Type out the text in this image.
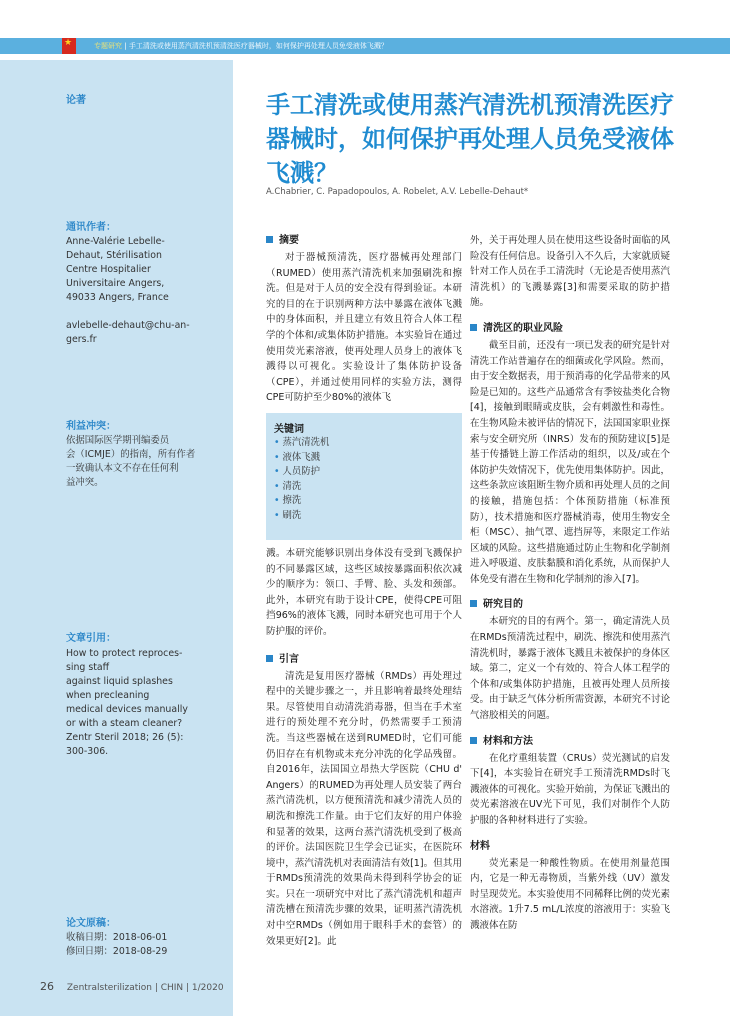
★	专题研究 | 手工清洗或使用蒸汽清洗机预清洗医疗器械时，如何保护再处理人员免受液体飞溅？
论著
通讯作者：
Anne-Valérie Lebelle-
Dehaut, Stérilisation
Centre Hospitalier
Universitaire Angers,
49033 Angers, France

avlebelle-dehaut@chu-an-
gers.fr
利益冲突：
依据国际医学期刊编委员
会（ICMJE）的指南，所有作者
一致确认本文不存在任何利
益冲突。
文章引用：
How to protect reproces-
sing staff
against liquid splashes
when precleaning
medical devices manually
or with a steam cleaner?
Zentr Steril 2018; 26 (5):
300-306.
论文原稿：
收稿日期：2018-06-01
修回日期：2018-08-29
手工清洗或使用蒸汽清洗机预清洗医疗器械时，如何保护再处理人员免受液体飞溅？
A.Chabrier, C. Papadopoulos, A. Robelet, A.V. Lebelle-Dehaut*
摘要

对于器械预清洗，医疗器械再处理部门（RUMED）使用蒸汽清洗机来加强刷洗和擦洗。但是对于人员的安全没有得到验证。本研究的目的在于识别两种方法中暴露在液体飞溅中的身体面积，并且建立有效且符合人体工程学的个体和/或集体防护措施。本实验旨在通过使用荧光素溶液，使再处理人员身上的液体飞溅得以可视化。实验设计了集体防护设备（CPE），并通过使用同样的实验方法，测得CPE可防护至少80%的液体飞

关键词
• 蒸汽清洗机
• 液体飞溅
• 人员防护
• 清洗
• 擦洗
• 刷洗

溅。本研究能够识别出身体没有受到飞溅保护的不同暴露区域，这些区域按暴露面积依次减少的顺序为：领口、手臂、脸、头发和颈部。此外，本研究有助于设计CPE，使得CPE可阻挡96%的液体飞溅，同时本研究也可用于个人防护服的评价。

引言

清洗是复用医疗器械（RMDs）再处理过程中的关键步骤之一，并且影响着最终处理结果。尽管使用自动清洗消毒器，但当在手术室进行的预处理不充分时，仍然需要手工预清洗。当这些器械在送到RUMED时，它们可能仍旧存在有机物或未充分冲洗的化学品残留。自2016年，法国国立昂热大学医院（CHU d' Angers）的RUMED为再处理人员安装了两台蒸汽清洗机，以方便预清洗和减少清洗人员的刷洗和擦洗工作量。由于它们友好的用户体验和显著的效果，这两台蒸汽清洗机受到了极高的评价。法国医院卫生学会已证实，在医院环境中，蒸汽清洗机对表面清洁有效[1]。但其用于RMDs预清洗的效果尚未得到科学协会的证实。只在一项研究中对比了蒸汽清洗机和超声清洗槽在预清洗步骤的效果，证明蒸汽清洗机对中空RMDs（例如用于眼科手术的套管）的效果更好[2]。此

外，关于再处理人员在使用这些设备时面临的风险没有任何信息。设备引入不久后，大家就质疑针对工作人员在手工清洗时（无论是否使用蒸汽清洗机）的飞溅暴露[3]和需要采取的防护措施。

清洗区的职业风险

截至目前，还没有一项已发表的研究是针对清洗工作站普遍存在的细菌或化学风险。然而，由于安全数据表，用于预消毒的化学品带来的风险是已知的。这些产品通常含有季铵盐类化合物[4]，接触到眼睛或皮肤，会有刺激性和毒性。在生物风险未被评估的情况下，法国国家职业探索与安全研究所（INRS）发布的预防建议[5]是基于传播链上游工作活动的组织，以及/或在个体防护失效情况下，优先使用集体防护。因此，这些条款应该阻断生物介质和再处理人员的之间的接触，措施包括：个体预防措施（标准预防），技术措施和医疗器械消毒，使用生物安全柜（MSC）、抽气罩、遮挡屏等，来限定工作站区域的风险。这些措施通过防止生物和化学制剂进入呼吸道、皮肤黏膜和消化系统，从而保护人体免受有潜在生物和化学制剂的渗入[7]。

研究目的

本研究的目的有两个。第一，确定清洗人员在RMDs预清洗过程中，刷洗、擦洗和使用蒸汽清洗机时，暴露于液体飞溅且未被保护的身体区域。第二，定义一个有效的、符合人体工程学的个体和/或集体防护措施，且被再处理人员所接受。由于缺乏气体分析所需资源，本研究不讨论气溶胶相关的问题。

材料和方法

在化疗重组装置（CRUs）荧光测试的启发下[4]，本实验旨在研究手工预清洗RMDs时飞溅液体的可视化。实验开始前，为保证飞溅出的荧光素溶液在UV光下可见，我们对制作个人防护服的各种材料进行了实验。

材料

荧光素是一种酸性物质。在使用剂量范围内，它是一种无毒物质，当紫外线（UV）激发时呈现荧光。本实验使用不同稀释比例的荧光素水溶液。1升7.5 mL/L浓度的溶液用于：实验飞溅液体在防

26 Zentralsterilization | CHIN | 1/2020
